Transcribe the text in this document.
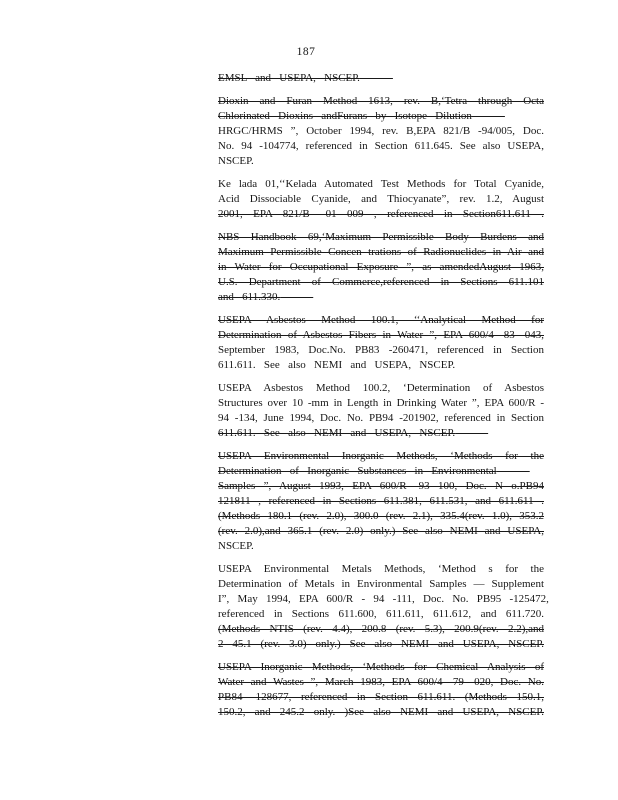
187
EMSL and USEPA, NSCEP.
Dioxin and Furan Method 1613, rev. B,‘Tetra through Octa
Chlorinated Dioxins andFurans by Isotope Dilution
HRGC/HRMS ”, October 1994, rev. B,EPA 821/B -94/005, Doc.
No. 94 -104774, referenced in Section 611.645. See also USEPA,
NSCEP.
Ke lada 01,‘‘Kelada Automated Test Methods for Total Cyanide,
Acid Dissociable Cyanide, and Thiocyanate”, rev. 1.2, August
2001, EPA 821/B –01 009 , referenced in Section611.611 .
NBS Handbook 69,‘Maximum Permissible Body Burdens and
Maximum Permissible Concen trations of Radionuclides in Air and
in Water for Occupational Exposure ”, as amendedAugust 1963,
U.S. Department of Commerce,referenced in Sections 611.101
and 611.330.
USEPA Asbestos Method 100.1, ‘‘Analytical Method for
Determination of Asbestos Fibers in Water ”, EPA 600/4 -83 -043,
September 1983, Doc.No. PB83 -260471, referenced in Section
611.611. See also NEMI and USEPA, NSCEP.
USEPA Asbestos Method 100.2, ‘Determination of Asbestos
Structures over 10 -mm in Length in Drinking Water ”, EPA 600/R -
94 -134, June 1994, Doc. No. PB94 -201902, referenced in Section
611.611. See also NEMI and USEPA, NSCEP.
USEPA Environmental Inorganic Methods, ‘Methods for the
Determination of Inorganic Substances in Environmental
Samples ”, August 1993, EPA 600/R -93 100, Doc. N o.PB94
121811 , referenced in Sections 611.381, 611.531, and 611.611 .
(Methods 180.1 (rev. 2.0), 300.0 (rev. 2.1), 335.4(rev. 1.0), 353.2
(rev. 2.0),and 365.1 (rev. 2.0) only.) See also NEMI and USEPA,
NSCEP.
USEPA Environmental Metals Methods, ‘Method s for the
Determination of Metals in Environmental Samples — Supplement
I”, May 1994, EPA 600/R - 94 -111, Doc. No. PB95 -125472,
referenced in Sections 611.600, 611.611, 611.612, and 611.720.
(Methods NTIS (rev. 4.4), 200.8 (rev. 5.3), 200.9(rev. 2.2),and
2 45.1 (rev. 3.0) only.) See also NEMI and USEPA, NSCEP.
USEPA Inorganic Methods, ‘Methods for Chemical Analysis of
Water and Wastes ”, March 1983, EPA 600/4 -79 -020, Doc. No.
PB84 -128677, referenced in Section 611.611. (Methods 150.1,
150.2, and 245.2 only. )See also NEMI and USEPA, NSCEP.
